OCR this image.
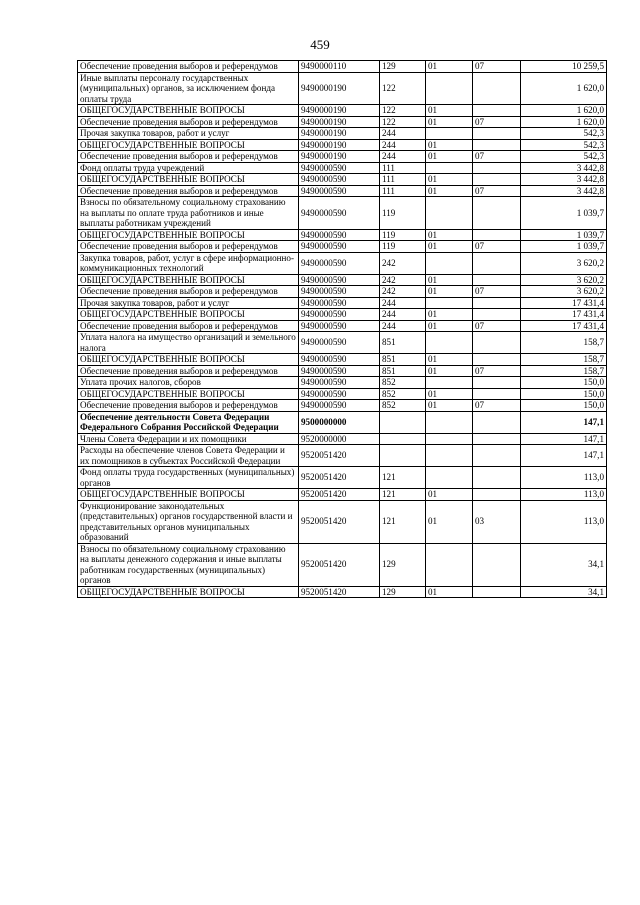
459
Обеспечение проведения выборов и референдумов	9490000110	129	01	07	10 259,5
Иные выплаты персоналу государственных (муниципальных) органов, за исключением фонда оплаты труда	9490000190	122			1 620,0
ОБЩЕГОСУДАРСТВЕННЫЕ ВОПРОСЫ	9490000190	122	01		1 620,0
Обеспечение проведения выборов и референдумов	9490000190	122	01	07	1 620,0
Прочая закупка товаров, работ и услуг	9490000190	244			542,3
ОБЩЕГОСУДАРСТВЕННЫЕ ВОПРОСЫ	9490000190	244	01		542,3
Обеспечение проведения выборов и референдумов	9490000190	244	01	07	542,3
Фонд оплаты труда учреждений	9490000590	111			3 442,8
ОБЩЕГОСУДАРСТВЕННЫЕ ВОПРОСЫ	9490000590	111	01		3 442,8
Обеспечение проведения выборов и референдумов	9490000590	111	01	07	3 442,8
Взносы по обязательному социальному страхованию на выплаты по оплате труда работников и иные выплаты работникам учреждений	9490000590	119			1 039,7
ОБЩЕГОСУДАРСТВЕННЫЕ ВОПРОСЫ	9490000590	119	01		1 039,7
Обеспечение проведения выборов и референдумов	9490000590	119	01	07	1 039,7
Закупка товаров, работ, услуг в сфере информационно-коммуникационных технологий	9490000590	242			3 620,2
ОБЩЕГОСУДАРСТВЕННЫЕ ВОПРОСЫ	9490000590	242	01		3 620,2
Обеспечение проведения выборов и референдумов	9490000590	242	01	07	3 620,2
Прочая закупка товаров, работ и услуг	9490000590	244			17 431,4
ОБЩЕГОСУДАРСТВЕННЫЕ ВОПРОСЫ	9490000590	244	01		17 431,4
Обеспечение проведения выборов и референдумов	9490000590	244	01	07	17 431,4
Уплата налога на имущество организаций и земельного налога	9490000590	851			158,7
ОБЩЕГОСУДАРСТВЕННЫЕ ВОПРОСЫ	9490000590	851	01		158,7
Обеспечение проведения выборов и референдумов	9490000590	851	01	07	158,7
Уплата прочих налогов, сборов	9490000590	852			150,0
ОБЩЕГОСУДАРСТВЕННЫЕ ВОПРОСЫ	9490000590	852	01		150,0
Обеспечение проведения выборов и референдумов	9490000590	852	01	07	150,0
Обеспечение деятельности Совета Федерации Федерального Собрания Российской Федерации	9500000000				147,1
Члены Совета Федерации и их помощники	9520000000				147,1
Расходы на обеспечение членов Совета Федерации и их помощников в субъектах Российской Федерации	9520051420				147,1
Фонд оплаты труда государственных (муниципальных) органов	9520051420	121			113,0
ОБЩЕГОСУДАРСТВЕННЫЕ ВОПРОСЫ	9520051420	121	01		113,0
Функционирование законодательных (представительных) органов государственной власти и представительных органов муниципальных образований	9520051420	121	01	03	113,0
Взносы по обязательному социальному страхованию на выплаты денежного содержания и иные выплаты работникам государственных (муниципальных) органов	9520051420	129			34,1
ОБЩЕГОСУДАРСТВЕННЫЕ ВОПРОСЫ	9520051420	129	01		34,1
